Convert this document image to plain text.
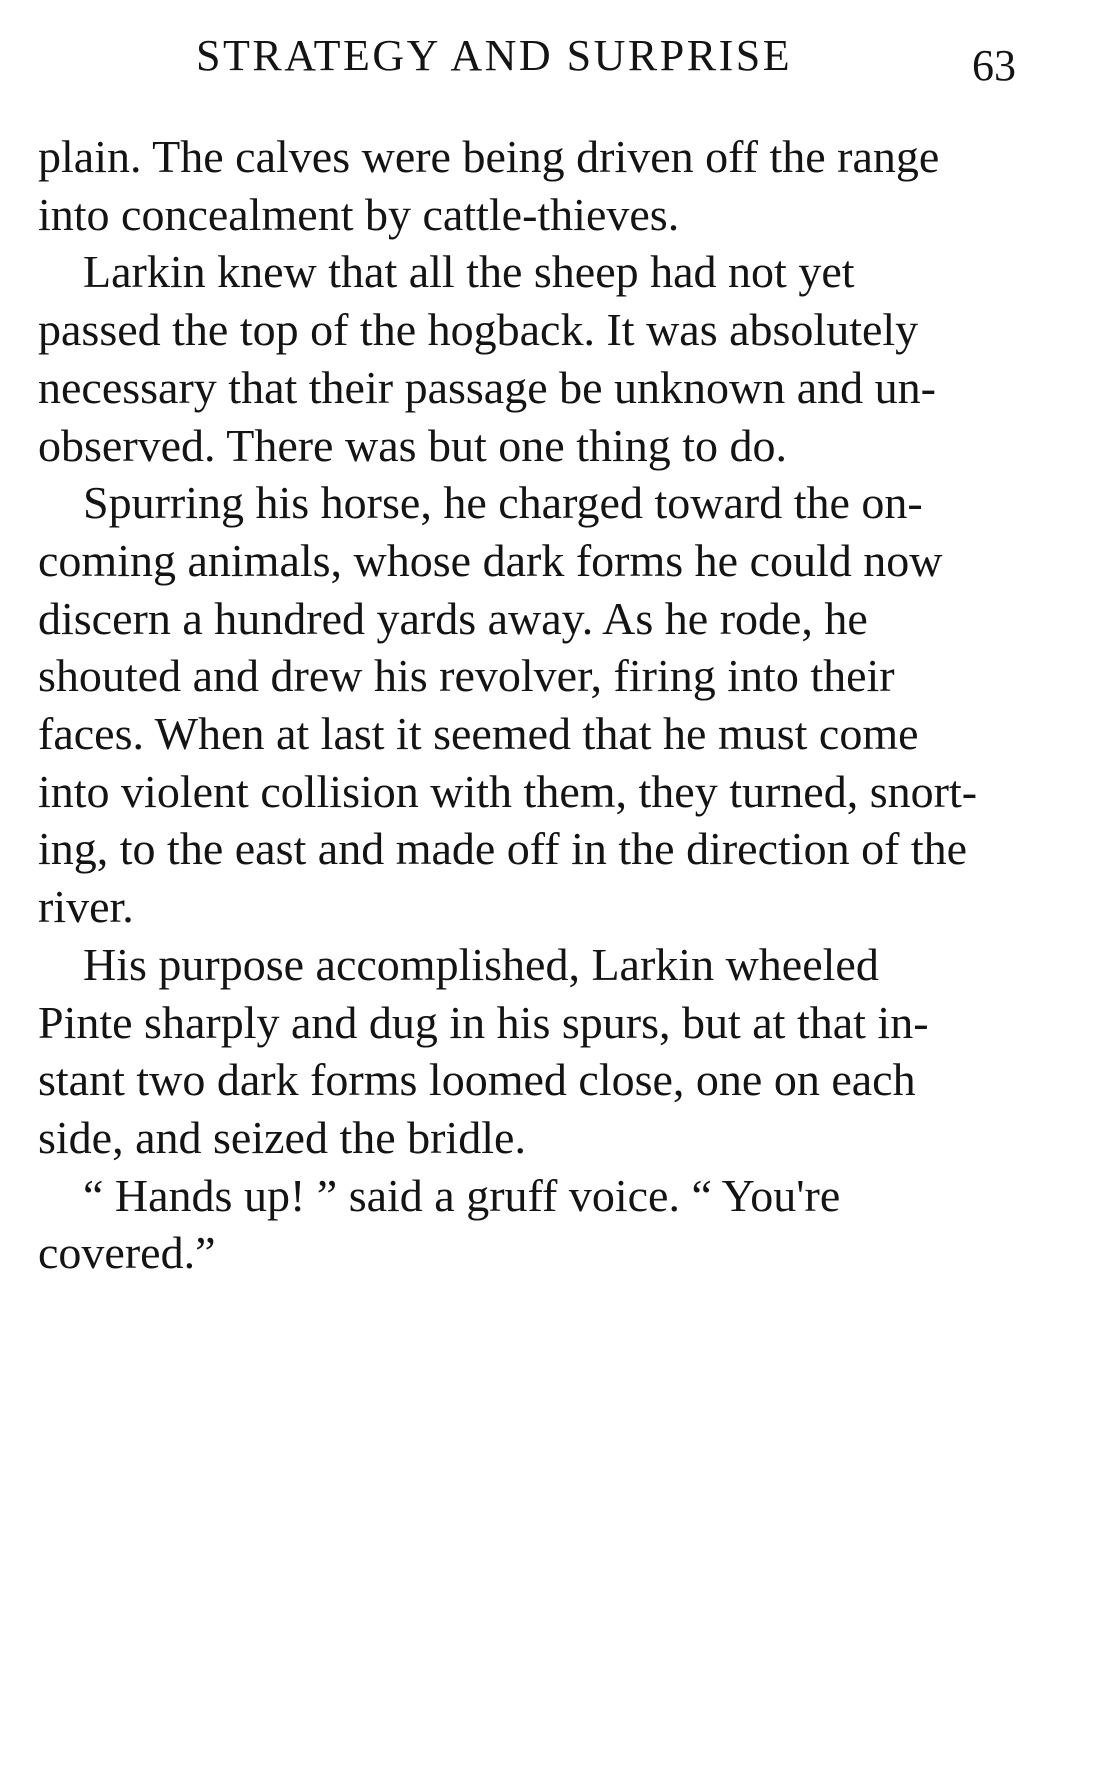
STRATEGY AND SURPRISE	63

plain. The calves were being driven off the range
into concealment by cattle-thieves.

Larkin knew that all the sheep had not yet
passed the top of the hogback. It was absolutely
necessary that their passage be unknown and un-
observed. There was but one thing to do.

Spurring his horse, he charged toward the on-
coming animals, whose dark forms he could now
discern a hundred yards away. As he rode, he
shouted and drew his revolver, firing into their
faces. When at last it seemed that he must come
into violent collision with them, they turned, snort-
ing, to the east and made off in the direction of the
river.

His purpose accomplished, Larkin wheeled
Pinte sharply and dug in his spurs, but at that in-
stant two dark forms loomed close, one on each
side, and seized the bridle.

“ Hands up! ” said a gruff voice. “ You're
covered.”
